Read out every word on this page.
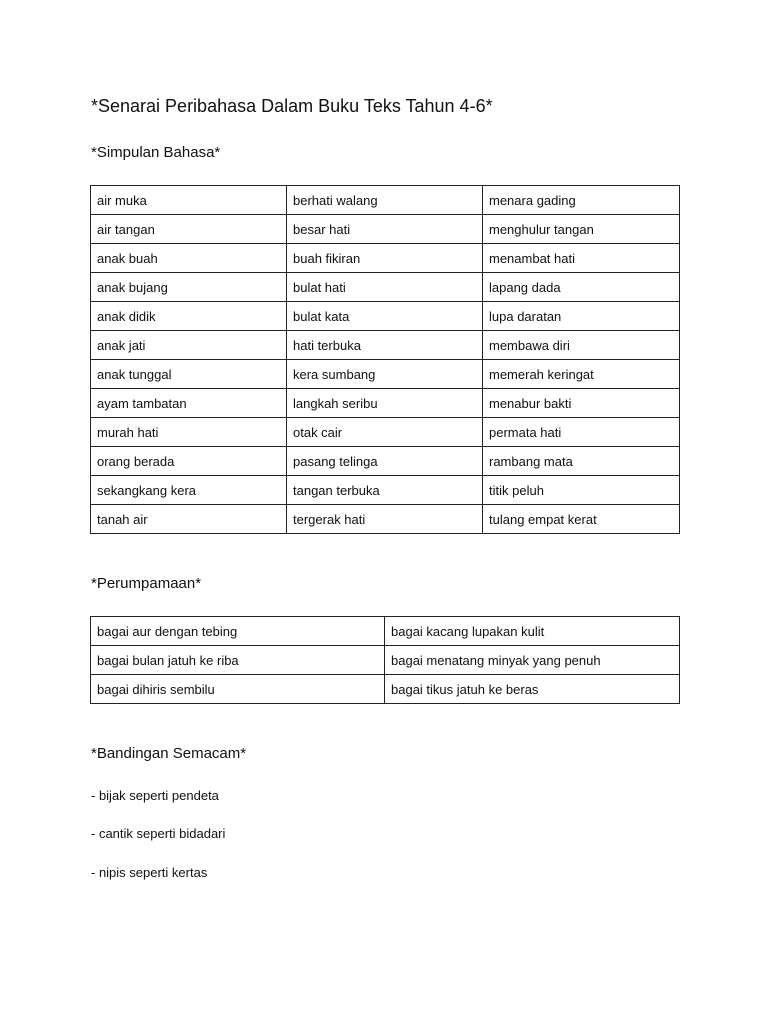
*Senarai Peribahasa Dalam Buku Teks Tahun 4-6*
*Simpulan Bahasa*
air muka	berhati walang	menara gading
air tangan	besar hati	menghulur tangan
anak buah	buah fikiran	menambat hati
anak bujang	bulat hati	lapang dada
anak didik	bulat kata	lupa daratan
anak jati	hati terbuka	membawa diri
anak tunggal	kera sumbang	memerah keringat
ayam tambatan	langkah seribu	menabur bakti
murah hati	otak cair	permata hati
orang berada	pasang telinga	rambang mata
sekangkang kera	tangan terbuka	titik peluh
tanah air	tergerak hati	tulang empat kerat
*Perumpamaan*
bagai aur dengan tebing	bagai kacang lupakan kulit
bagai bulan jatuh ke riba	bagai menatang minyak yang penuh
bagai dihiris sembilu	bagai tikus jatuh ke beras
*Bandingan Semacam*
- bijak seperti pendeta
- cantik seperti bidadari
- nipis seperti kertas
